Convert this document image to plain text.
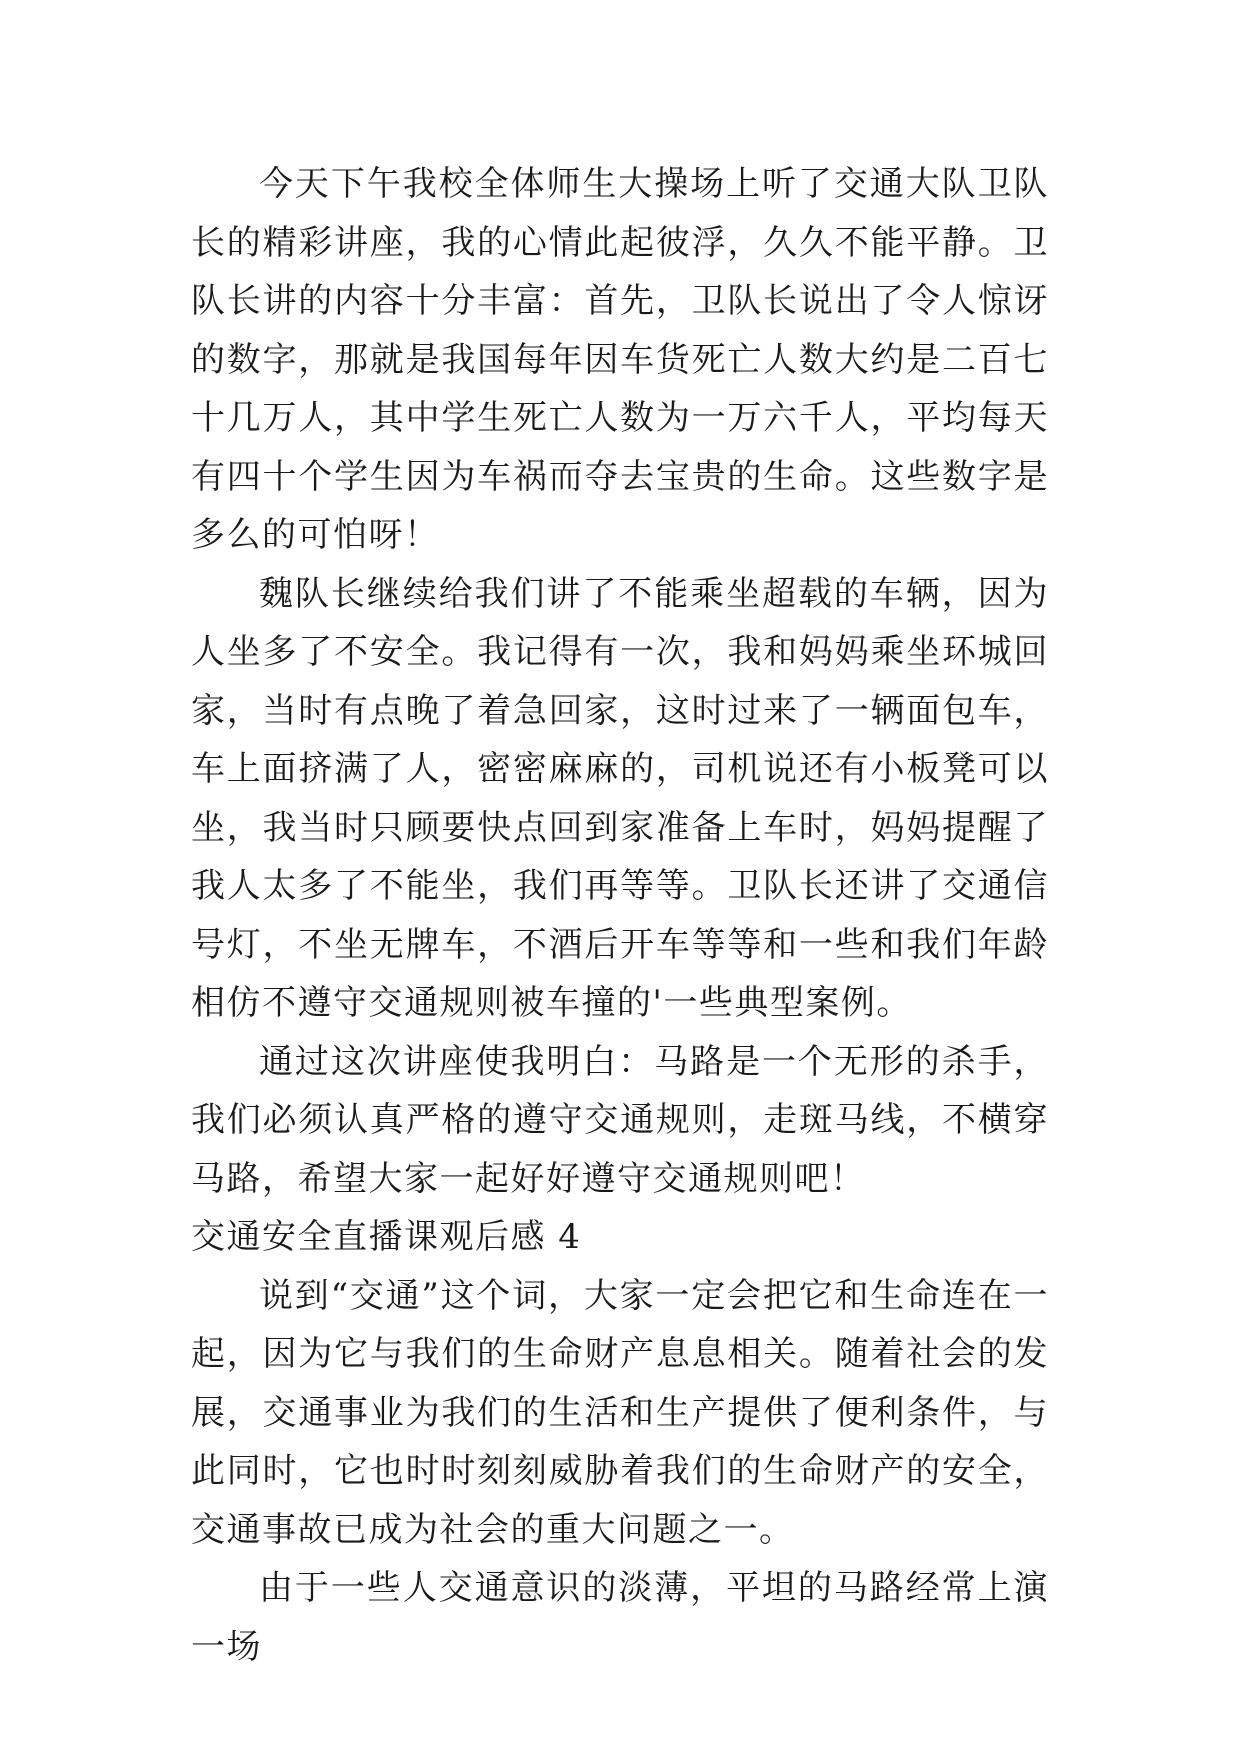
今天下午我校全体师生大操场上听了交通大队卫队长的精彩讲座，我的心情此起彼浮，久久不能平静。卫队长讲的内容十分丰富：首先，卫队长说出了令人惊讶的数字，那就是我国每年因车货死亡人数大约是二百七十几万人，其中学生死亡人数为一万六千人，平均每天有四十个学生因为车祸而夺去宝贵的生命。这些数字是多么的可怕呀！

魏队长继续给我们讲了不能乘坐超载的车辆，因为人坐多了不安全。我记得有一次，我和妈妈乘坐环城回家，当时有点晚了着急回家，这时过来了一辆面包车，车上面挤满了人，密密麻麻的，司机说还有小板凳可以坐，我当时只顾要快点回到家准备上车时，妈妈提醒了我人太多了不能坐，我们再等等。卫队长还讲了交通信号灯，不坐无牌车，不酒后开车等等和一些和我们年龄相仿不遵守交通规则被车撞的'一些典型案例。

通过这次讲座使我明白：马路是一个无形的杀手，我们必须认真严格的遵守交通规则，走斑马线，不横穿马路，希望大家一起好好遵守交通规则吧！

交通安全直播课观后感 4

说到“交通”这个词，大家一定会把它和生命连在一起，因为它与我们的生命财产息息相关。随着社会的发展，交通事业为我们的生活和生产提供了便利条件，与此同时，它也时时刻刻威胁着我们的生命财产的安全，交通事故已成为社会的重大问题之一。

由于一些人交通意识的淡薄，平坦的马路经常上演一场
